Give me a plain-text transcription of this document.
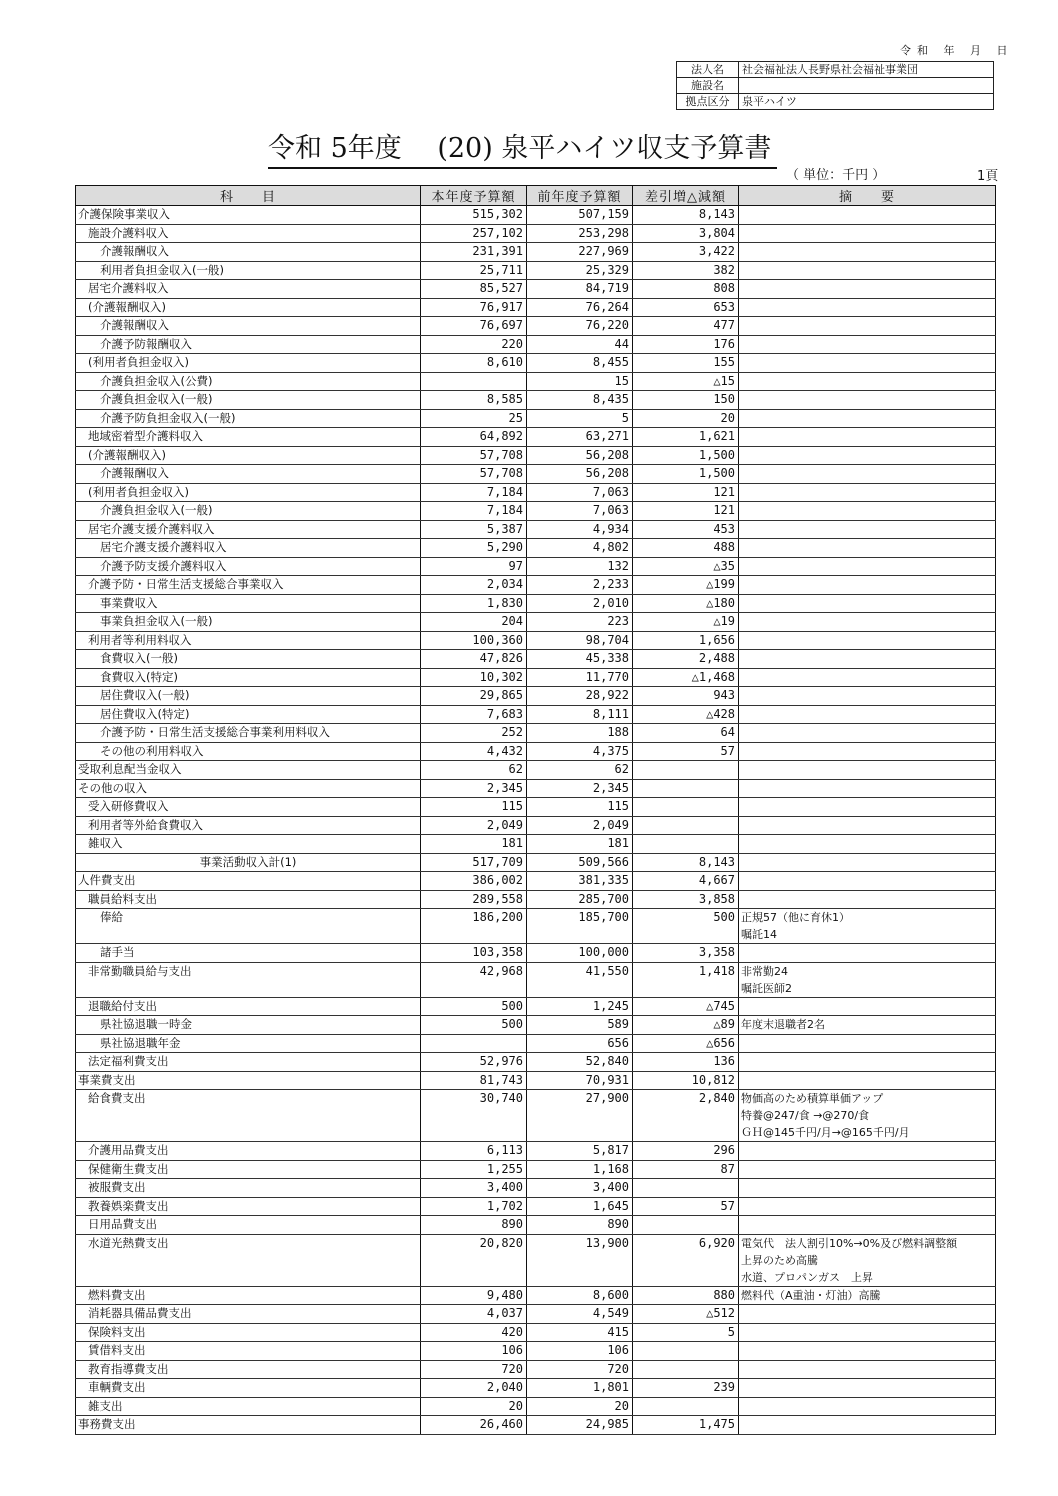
令和 年 月 日
法人名	社会福祉法人長野県社会福祉事業団
施設名	
拠点区分	泉平ハイツ
令和 5年度　 (20) 泉平ハイツ収支予算書
（ 単位：千円 ）	1頁
科　　目	本年度予算額	前年度予算額	差引増△減額	摘　　要
介護保険事業収入	515,302	507,159	8,143	
施設介護料収入	257,102	253,298	3,804	
介護報酬収入	231,391	227,969	3,422	
利用者負担金収入(一般)	25,711	25,329	382	
居宅介護料収入	85,527	84,719	808	
(介護報酬収入)	76,917	76,264	653	
介護報酬収入	76,697	76,220	477	
介護予防報酬収入	220	44	176	
(利用者負担金収入)	8,610	8,455	155	
介護負担金収入(公費)		15	△15	
介護負担金収入(一般)	8,585	8,435	150	
介護予防負担金収入(一般)	25	5	20	
地域密着型介護料収入	64,892	63,271	1,621	
(介護報酬収入)	57,708	56,208	1,500	
介護報酬収入	57,708	56,208	1,500	
(利用者負担金収入)	7,184	7,063	121	
介護負担金収入(一般)	7,184	7,063	121	
居宅介護支援介護料収入	5,387	4,934	453	
居宅介護支援介護料収入	5,290	4,802	488	
介護予防支援介護料収入	97	132	△35	
介護予防・日常生活支援総合事業収入	2,034	2,233	△199	
事業費収入	1,830	2,010	△180	
事業負担金収入(一般)	204	223	△19	
利用者等利用料収入	100,360	98,704	1,656	
食費収入(一般)	47,826	45,338	2,488	
食費収入(特定)	10,302	11,770	△1,468	
居住費収入(一般)	29,865	28,922	943	
居住費収入(特定)	7,683	8,111	△428	
介護予防・日常生活支援総合事業利用料収入	252	188	64	
その他の利用料収入	4,432	4,375	57	
受取利息配当金収入	62	62		
その他の収入	2,345	2,345		
受入研修費収入	115	115		
利用者等外給食費収入	2,049	2,049		
雑収入	181	181		
事業活動収入計(1)	517,709	509,566	8,143	
人件費支出	386,002	381,335	4,667	
職員給料支出	289,558	285,700	3,858	
俸給	186,200	185,700	500	正規57（他に育休1）
嘱託14
諸手当	103,358	100,000	3,358	
非常勤職員給与支出	42,968	41,550	1,418	非常勤24
嘱託医師2
退職給付支出	500	1,245	△745	
県社協退職一時金	500	589	△89	年度末退職者2名
県社協退職年金		656	△656	
法定福利費支出	52,976	52,840	136	
事業費支出	81,743	70,931	10,812	
給食費支出	30,740	27,900	2,840	物価高のため積算単価アップ
特養@247/食 →@270/食
ＧＨ@145千円/月→@165千円/月
介護用品費支出	6,113	5,817	296	
保健衛生費支出	1,255	1,168	87	
被服費支出	3,400	3,400		
教養娯楽費支出	1,702	1,645	57	
日用品費支出	890	890		
水道光熱費支出	20,820	13,900	6,920	電気代　法人割引10%→0%及び燃料調整額
上昇のため高騰
水道、プロパンガス　上昇
燃料費支出	9,480	8,600	880	燃料代（A重油・灯油）高騰
消耗器具備品費支出	4,037	4,549	△512	
保険料支出	420	415	5	
賃借料支出	106	106		
教育指導費支出	720	720		
車輌費支出	2,040	1,801	239	
雑支出	20	20		
事務費支出	26,460	24,985	1,475	
